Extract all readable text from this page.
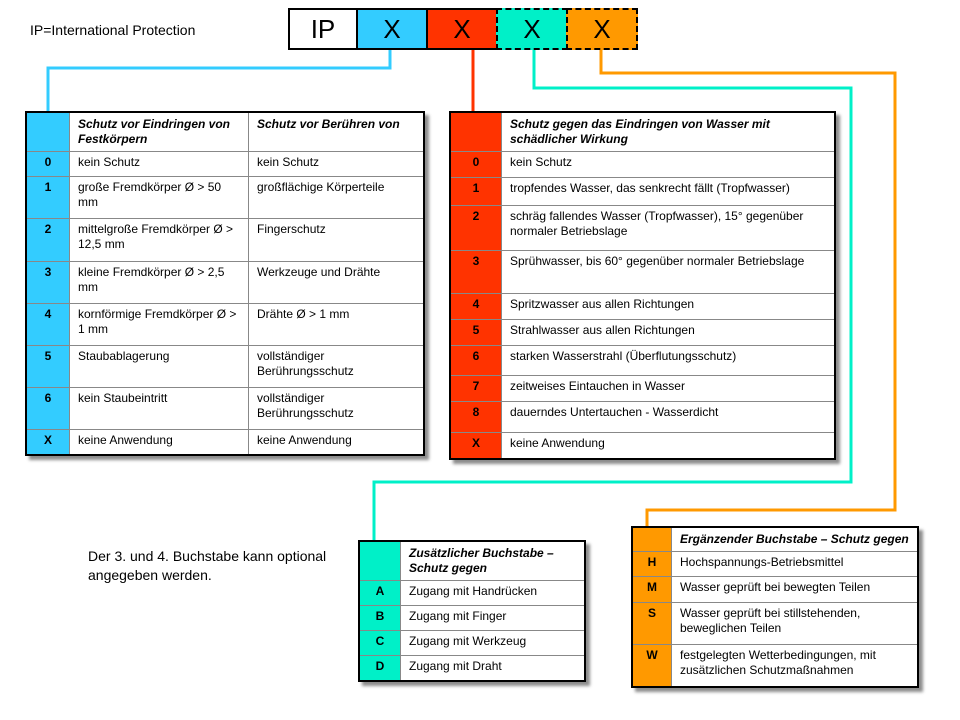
IP=International Protection	IP	X	X	X	X
	Schutz vor Eindringen von Festkörpern	Schutz vor Berühren von
0	kein Schutz	kein Schutz
1	große Fremdkörper Ø > 50 mm	großflächige Körperteile
2	mittelgroße Fremdkörper Ø > 12,5 mm	Fingerschutz
3	kleine Fremdkörper Ø > 2,5 mm	Werkzeuge und Drähte
4	kornförmige Fremdkörper Ø > 1 mm	Drähte Ø > 1 mm
5	Staubablagerung	vollständiger Berührungsschutz
6	kein Staubeintritt	vollständiger Berührungsschutz
X	keine Anwendung	keine Anwendung
	Schutz gegen das Eindringen von Wasser mit schädlicher Wirkung
0	kein Schutz
1	tropfendes Wasser, das senkrecht fällt (Tropfwasser)
2	schräg fallendes Wasser (Tropfwasser), 15° gegenüber normaler Betriebslage
3	Sprühwasser, bis 60° gegenüber normaler Betriebslage
4	Spritzwasser aus allen Richtungen
5	Strahlwasser aus allen Richtungen
6	starken Wasserstrahl (Überflutungsschutz)
7	zeitweises Eintauchen in Wasser
8	dauerndes Untertauchen - Wasserdicht
X	keine Anwendung
Der 3. und 4. Buchstabe kann optional angegeben werden.
	Zusätzlicher Buchstabe – Schutz gegen
A	Zugang mit Handrücken
B	Zugang mit Finger
C	Zugang mit Werkzeug
D	Zugang mit Draht
	Ergänzender Buchstabe – Schutz gegen
H	Hochspannungs-Betriebsmittel
M	Wasser geprüft bei bewegten Teilen
S	Wasser geprüft bei stillstehenden, beweglichen Teilen
W	festgelegten Wetterbedingungen, mit zusätzlichen Schutzmaßnahmen
